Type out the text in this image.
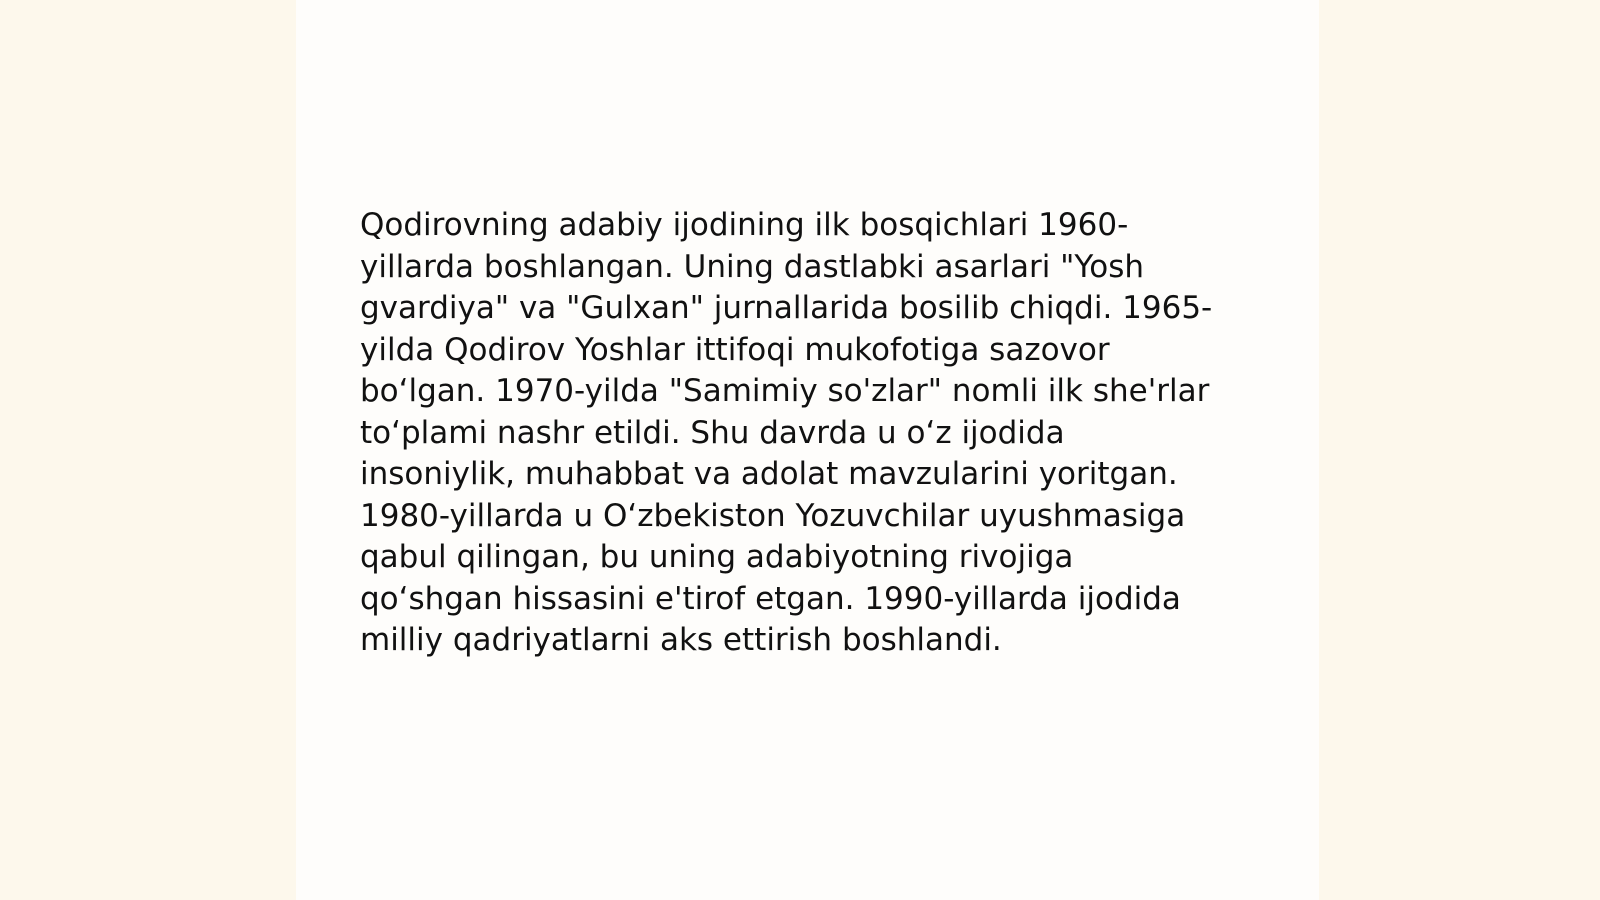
Qodirovning adabiy ijodining ilk bosqichlari 1960-
yillarda boshlangan. Uning dastlabki asarlari "Yosh
gvardiya" va "Gulxan" jurnallarida bosilib chiqdi. 1965-
yilda Qodirov Yoshlar ittifoqi mukofotiga sazovor
bo‘lgan. 1970-yilda "Samimiy so'zlar" nomli ilk she'rlar
to‘plami nashr etildi. Shu davrda u o‘z ijodida
insoniylik, muhabbat va adolat mavzularini yoritgan.
1980-yillarda u O‘zbekiston Yozuvchilar uyushmasiga
qabul qilingan, bu uning adabiyotning rivojiga
qo‘shgan hissasini e'tirof etgan. 1990-yillarda ijodida
milliy qadriyatlarni aks ettirish boshlandi.
